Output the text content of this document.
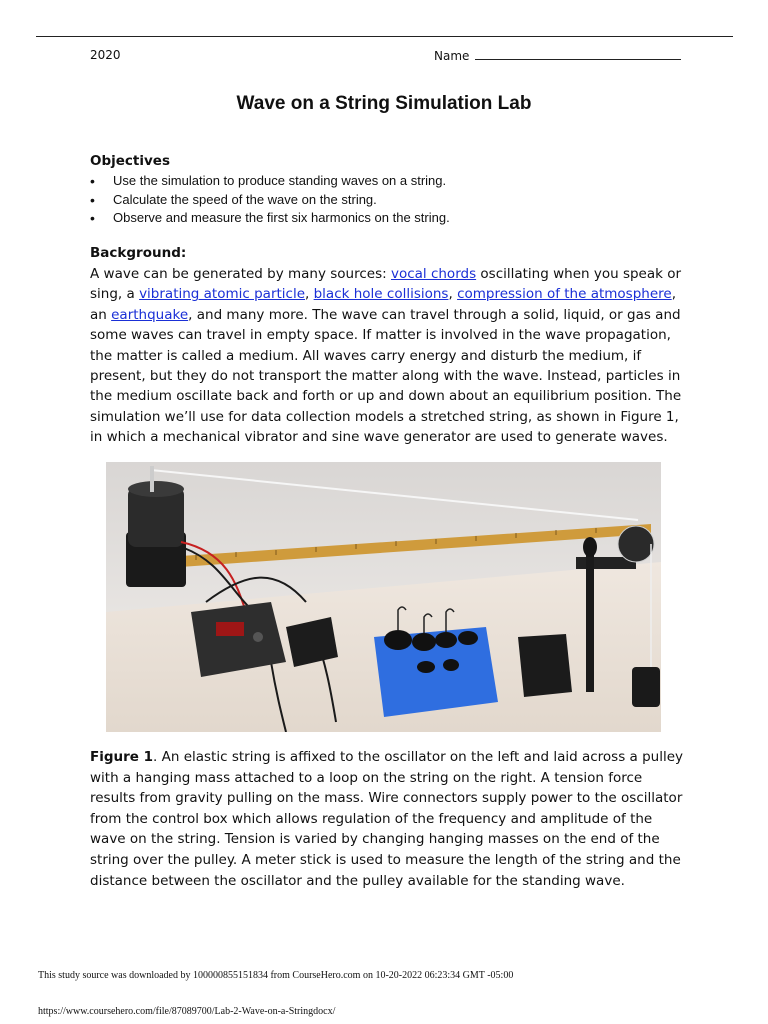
2020	Name
Wave on a String Simulation Lab
Objectives
• Use the simulation to produce standing waves on a string.
• Calculate the speed of the wave on the string.
• Observe and measure the first six harmonics on the string.
Background:
A wave can be generated by many sources: vocal chords oscillating when you speak or sing, a vibrating atomic particle, black hole collisions, compression of the atmosphere, an earthquake, and many more. The wave can travel through a solid, liquid, or gas and some waves can travel in empty space. If matter is involved in the wave propagation, the matter is called a medium. All waves carry energy and disturb the medium, if present, but they do not transport the matter along with the wave. Instead, particles in the medium oscillate back and forth or up and down about an equilibrium position. The simulation we’ll use for data collection models a stretched string, as shown in Figure 1, in which a mechanical vibrator and sine wave generator are used to generate waves.
Figure 1. An elastic string is affixed to the oscillator on the left and laid across a pulley with a hanging mass attached to a loop on the string on the right. A tension force results from gravity pulling on the mass. Wire connectors supply power to the oscillator from the control box which allows regulation of the frequency and amplitude of the wave on the string. Tension is varied by changing hanging masses on the end of the string over the pulley. A meter stick is used to measure the length of the string and the distance between the oscillator and the pulley available for the standing wave.
This study source was downloaded by 100000855151834 from CourseHero.com on 10-20-2022 06:23:34 GMT -05:00
https://www.coursehero.com/file/87089700/Lab-2-Wave-on-a-Stringdocx/
